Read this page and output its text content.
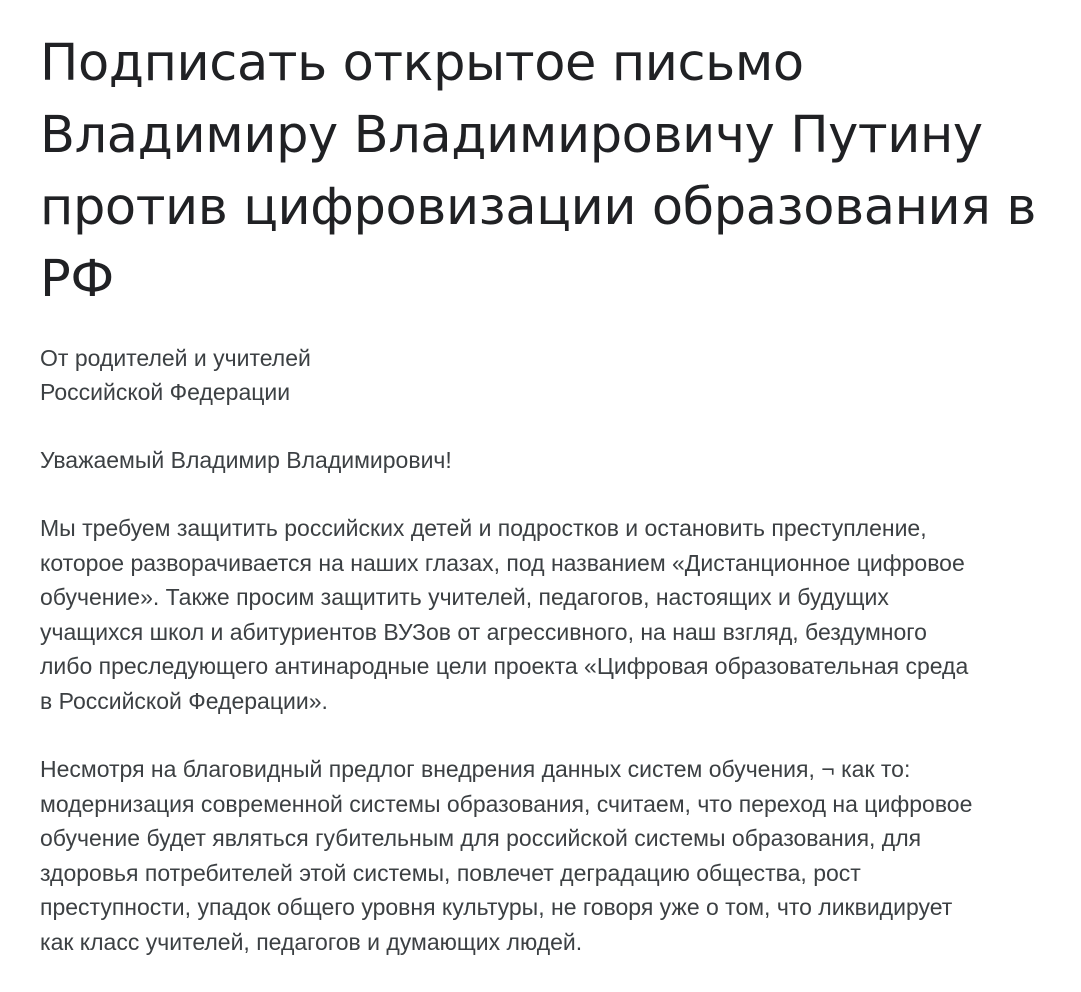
Подписать открытое письмо
Владимиру Владимировичу Путину
против цифровизации образования в
РФ
От родителей и учителей
Российской Федерации
Уважаемый Владимир Владимирович!
Мы требуем защитить российских детей и подростков и остановить преступление,
которое разворачивается на наших глазах, под названием «Дистанционное цифровое
обучение». Также просим защитить учителей, педагогов, настоящих и будущих
учащихся школ и абитуриентов ВУЗов от агрессивного, на наш взгляд, бездумного
либо преследующего антинародные цели проекта «Цифровая образовательная среда
в Российской Федерации».
Несмотря на благовидный предлог внедрения данных систем обучения, ¬ как то:
модернизация современной системы образования, считаем, что переход на цифровое
обучение будет являться губительным для российской системы образования, для
здоровья потребителей этой системы, повлечет деградацию общества, рост
преступности, упадок общего уровня культуры, не говоря уже о том, что ликвидирует
как класс учителей, педагогов и думающих людей.
